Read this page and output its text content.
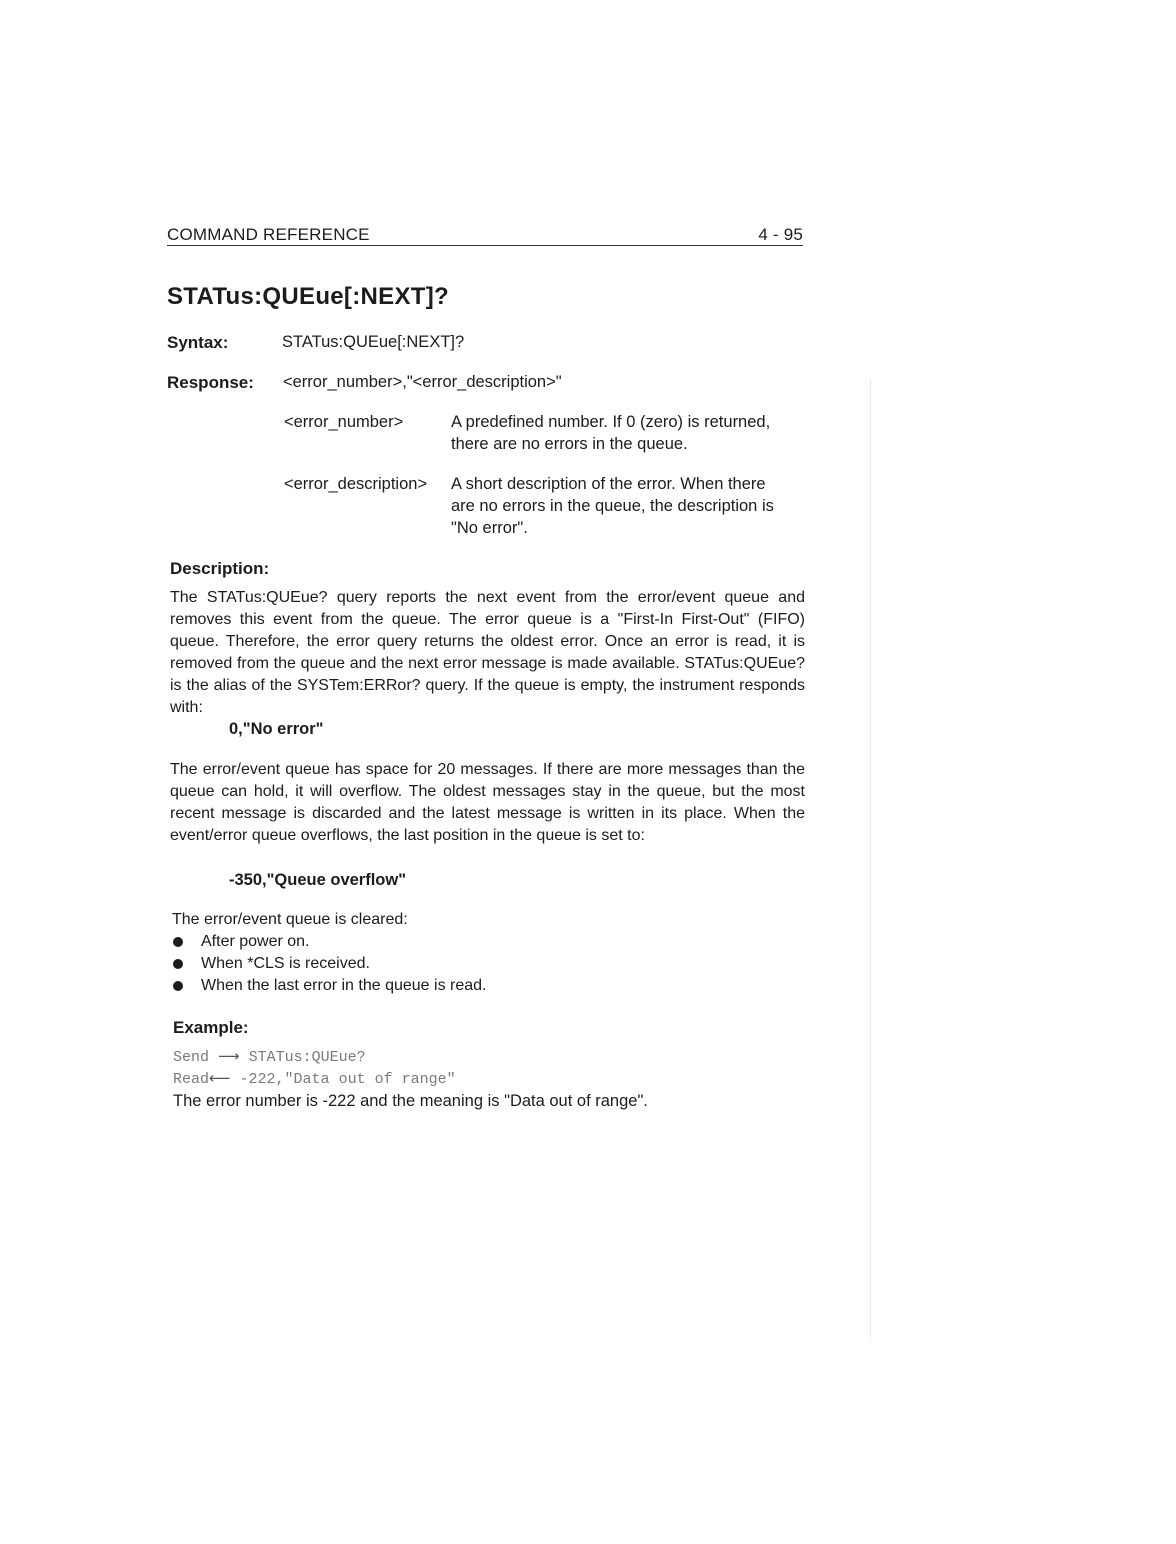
COMMAND REFERENCE	4 - 95
STATus:QUEue[:NEXT]?
Syntax:	STATus:QUEue[:NEXT]?
Response: <error_number>,"<error_description>"
<error_number>	A predefined number. If 0 (zero) is returned,
there are no errors in the queue.
<error_description> A short description of the error. When there
are no errors in the queue, the description is
"No error".
Description:
The STATus:QUEue? query reports the next event from the error/event queue and removes this event from the queue. The error queue is a "First-In First-Out" (FIFO) queue. Therefore, the error query returns the oldest error. Once an error is read, it is removed from the queue and the next error message is made available. STATus:QUEue? is the alias of the SYSTem:ERRor? query. If the queue is empty, the instrument responds with:
0,"No error"
The error/event queue has space for 20 messages. If there are more messages than the queue can hold, it will overflow. The oldest messages stay in the queue, but the most recent message is discarded and the latest message is written in its place. When the event/error queue overflows, the last position in the queue is set to:
-350,"Queue overflow"
The error/event queue is cleared:
After power on.
When *CLS is received.
When the last error in the queue is read.
Example:
Send ⟶ STATus:QUEue?
Read⟵ -222,"Data out of range"
The error number is -222 and the meaning is "Data out of range".
